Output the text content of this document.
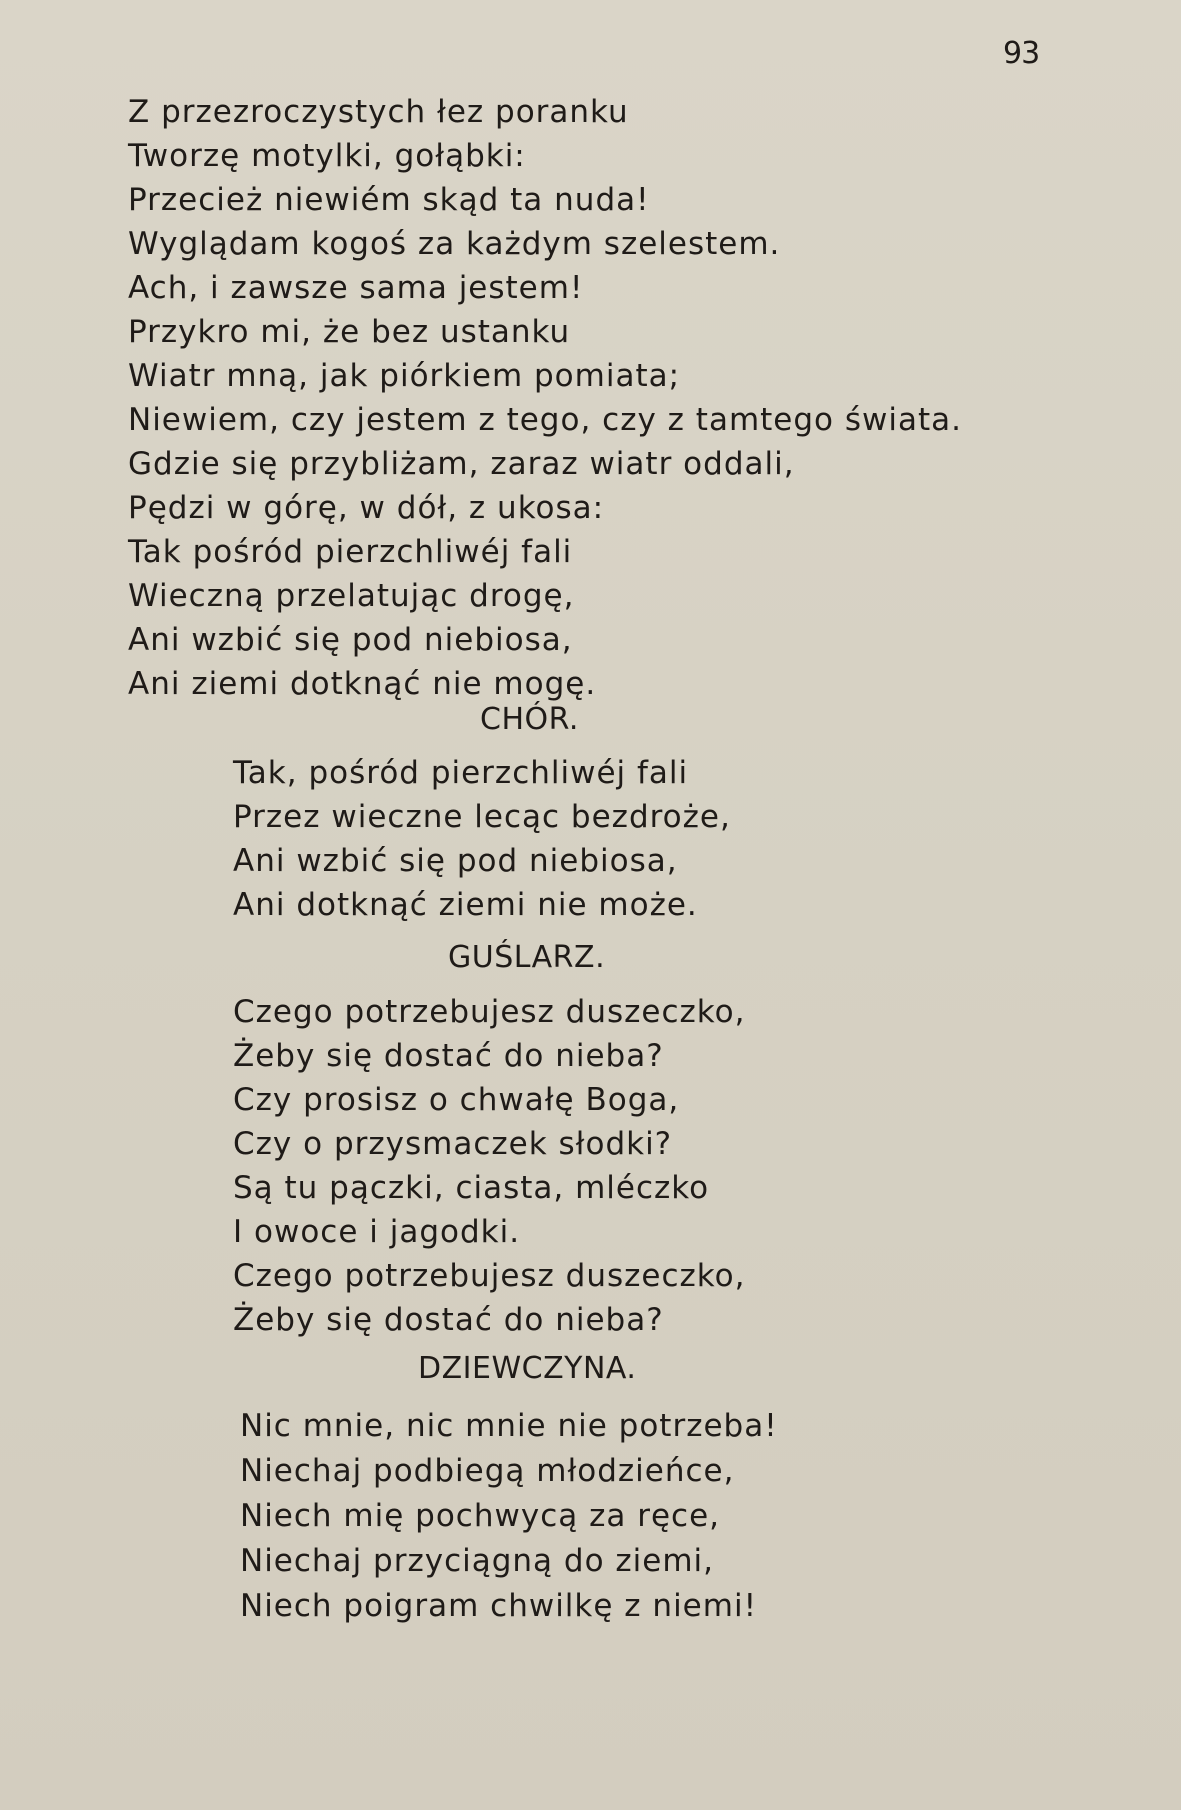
93
Z przezroczystych łez poranku
Tworzę motylki, gołąbki:
Przecież niewiém skąd ta nuda!
Wyglądam kogoś za każdym szelestem.
Ach, i zawsze sama jestem!
Przykro mi, że bez ustanku
Wiatr mną, jak piórkiem pomiata;
Niewiem, czy jestem z tego, czy z tamtego świata.
Gdzie się przybliżam, zaraz wiatr oddali,
Pędzi w górę, w dół, z ukosa:
Tak pośród pierzchliwéj fali
Wieczną przelatując drogę,
Ani wzbić się pod niebiosa,
Ani ziemi dotknąć nie mogę.
CHÓR.
Tak, pośród pierzchliwéj fali
Przez wieczne lecąc bezdroże,
Ani wzbić się pod niebiosa,
Ani dotknąć ziemi nie może.
GUŚLARZ.
Czego potrzebujesz duszeczko,
Żeby się dostać do nieba?
Czy prosisz o chwałę Boga,
Czy o przysmaczek słodki?
Są tu pączki, ciasta, mléczko
I owoce i jagodki.
Czego potrzebujesz duszeczko,
Żeby się dostać do nieba?
DZIEWCZYNA.
Nic mnie, nic mnie nie potrzeba!
Niechaj podbiegą młodzieńce,
Niech mię pochwycą za ręce,
Niechaj przyciągną do ziemi,
Niech poigram chwilkę z niemi!
